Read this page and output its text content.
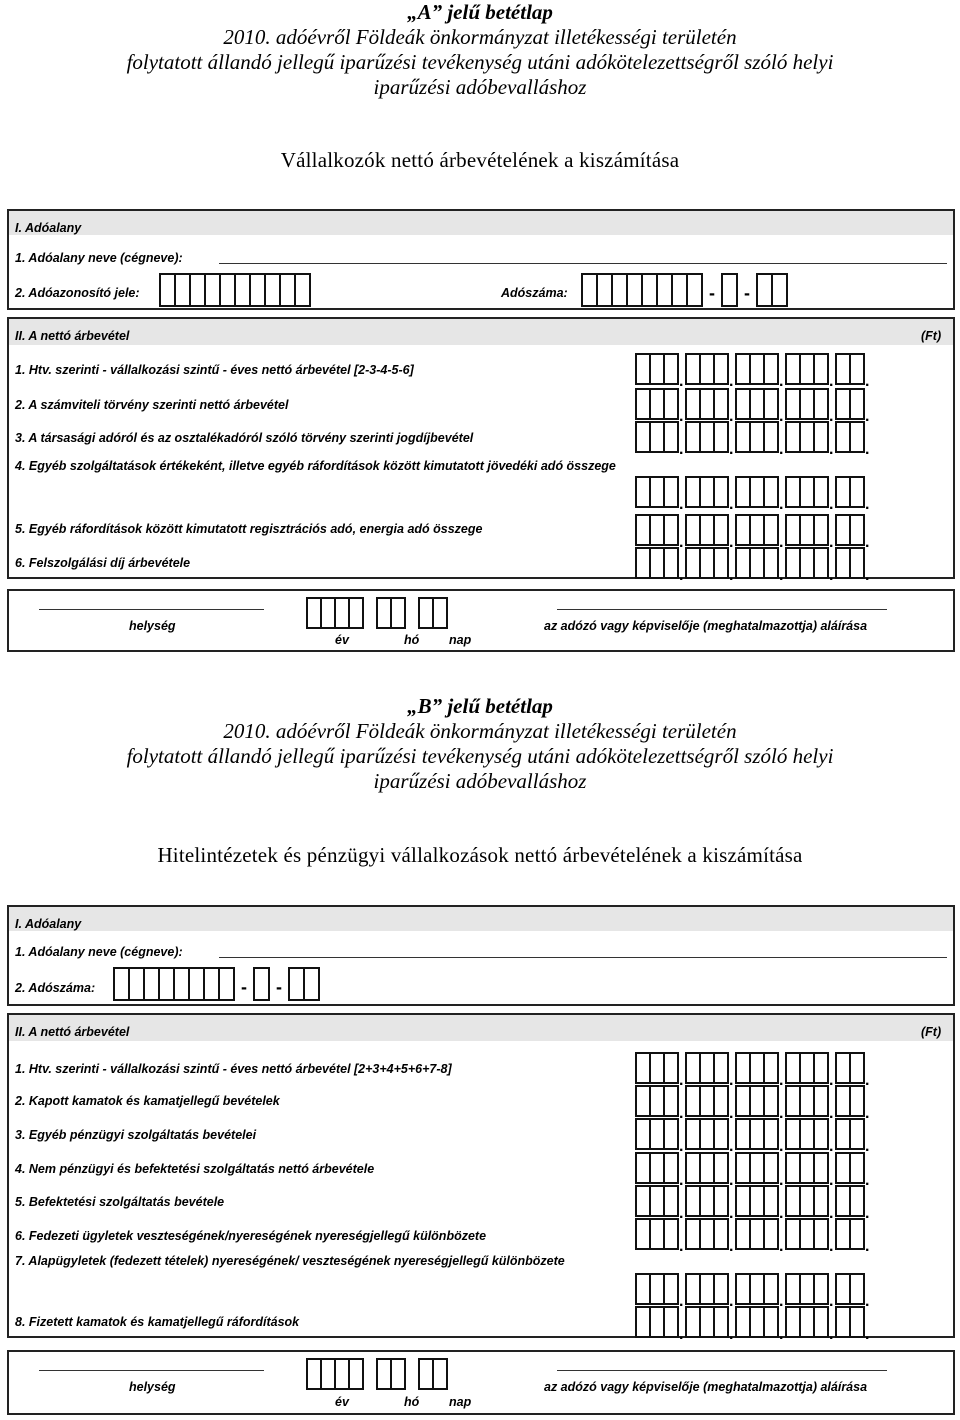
„A” jelű betétlap
2010. adóévről Földeák önkormányzat illetékességi területén
folytatott állandó jellegű iparűzési tevékenység utáni adókötelezettségről szóló helyi
iparűzési adóbevalláshoz
Vállalkozók nettó árbevételének a kiszámítása
I. Adóalany
1. Adóalany neve (cégneve):
2. Adóazonosító jele:	Adószáma:	- -
II. A nettó árbevétel	(Ft)
1. Htv. szerinti - vállalkozási szintű - éves nettó árbevétel [2-3-4-5-6]
2. A számviteli törvény szerinti nettó árbevétel
3. A társasági adóról és az osztalékadóról szóló törvény szerinti jogdíjbevétel
4. Egyéb szolgáltatások értékeként, illetve egyéb ráfordítások között kimutatott jövedéki adó összege
5. Egyéb ráfordítások között kimutatott regisztrációs adó, energia adó összege
6. Felszolgálási díj árbevétele
helység
év	hó nap
az adózó vagy képviselője (meghatalmazottja) aláírása
„B” jelű betétlap
2010. adóévről Földeák önkormányzat illetékességi területén
folytatott állandó jellegű iparűzési tevékenység utáni adókötelezettségről szóló helyi
iparűzési adóbevalláshoz
Hitelintézetek és pénzügyi vállalkozások nettó árbevételének a kiszámítása
I. Adóalany
1. Adóalany neve (cégneve):
2. Adószáma:	- -
II. A nettó árbevétel	(Ft)
1. Htv. szerinti - vállalkozási szintű - éves nettó árbevétel [2+3+4+5+6+7-8]
2. Kapott kamatok és kamatjellegű bevételek
3. Egyéb pénzügyi szolgáltatás bevételei
4. Nem pénzügyi és befektetési szolgáltatás nettó árbevétele
5. Befektetési szolgáltatás bevétele
6. Fedezeti ügyletek veszteségének/nyereségének nyereségjellegű különbözete
7. Alapügyletek (fedezett tételek) nyereségének/ veszteségének nyereségjellegű különbözete
8. Fizetett kamatok és kamatjellegű ráfordítások
helység
év	hó nap
az adózó vagy képviselője (meghatalmazottja) aláírása
